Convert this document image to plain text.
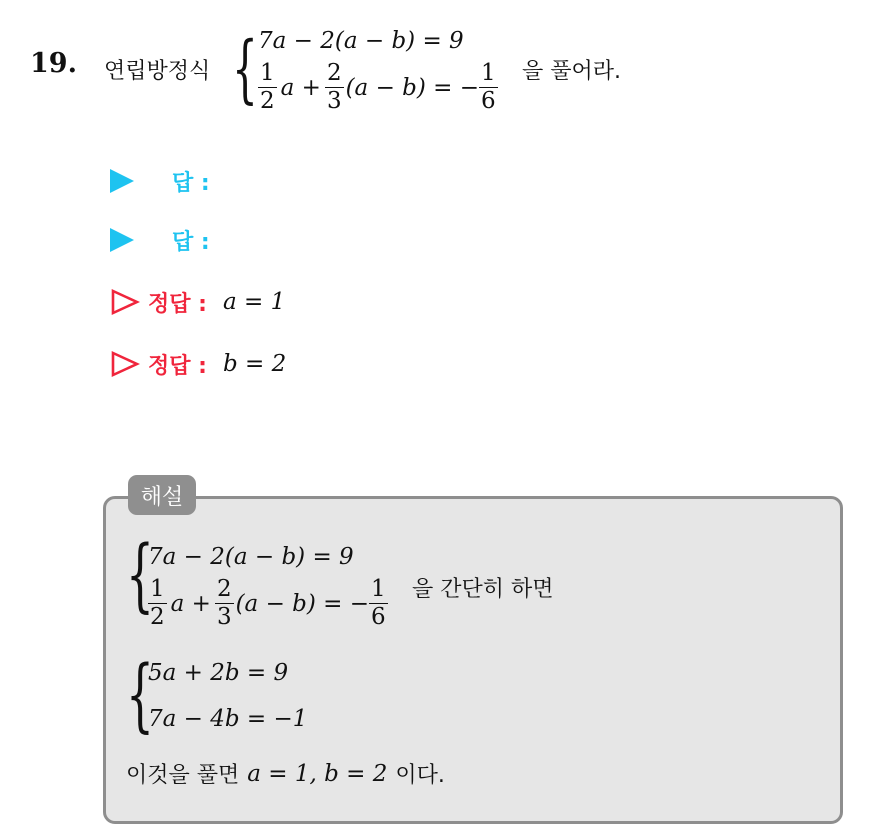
19. 연립방정식 { 7a − 2(a − b) = 9
$\frac{1}{2}$ $a + \frac{2}{3} (a - b)$ = − $\frac{1}{6}$ 을 풀어라.
답 :
답 :
정답 : a = 1
정답 : b = 2
해설
{
7a − 2(a − b) = 9
$\frac{1}{2}$ $a + \frac{2}{3} (a - b)$ = − $\frac{1}{6}$ 을 간단히 하면
{
5a + 2b = 9
7a − 4b = −1
이것을 풀면 a = 1, b = 2 이다.
